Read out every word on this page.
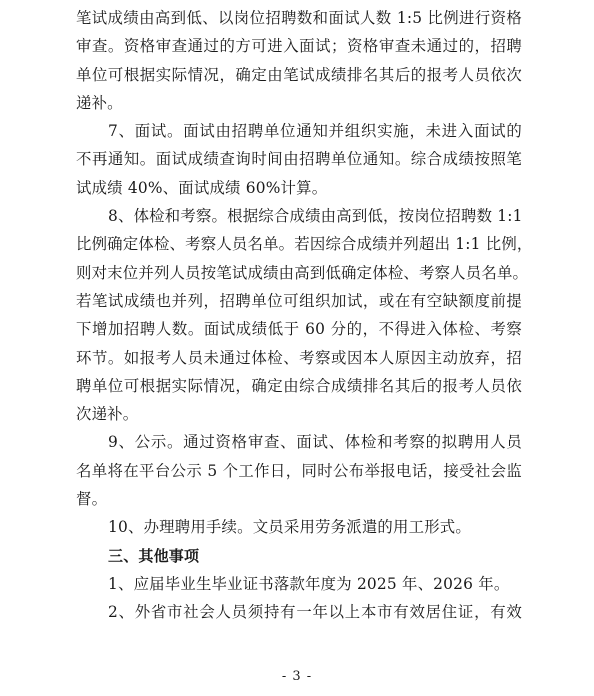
笔试成绩由高到低、以岗位招聘数和面试人数 1:5 比例进行资格
审查。资格审查通过的方可进入面试；资格审查未通过的，招聘
单位可根据实际情况，确定由笔试成绩排名其后的报考人员依次
递补。
7、面试。面试由招聘单位通知并组织实施，未进入面试的
不再通知。面试成绩查询时间由招聘单位通知。综合成绩按照笔
试成绩 40%、面试成绩 60%计算。
8、体检和考察。根据综合成绩由高到低，按岗位招聘数 1:1
比例确定体检、考察人员名单。若因综合成绩并列超出 1:1 比例，
则对末位并列人员按笔试成绩由高到低确定体检、考察人员名单。
若笔试成绩也并列，招聘单位可组织加试，或在有空缺额度前提
下增加招聘人数。面试成绩低于 60 分的，不得进入体检、考察
环节。如报考人员未通过体检、考察或因本人原因主动放弃，招
聘单位可根据实际情况，确定由综合成绩排名其后的报考人员依
次递补。
9、公示。通过资格审查、面试、体检和考察的拟聘用人员
名单将在平台公示 5 个工作日，同时公布举报电话，接受社会监
督。
10、办理聘用手续。文员采用劳务派遣的用工形式。
三、其他事项
1、应届毕业生毕业证书落款年度为 2025 年、2026 年。
2、外省市社会人员须持有一年以上本市有效居住证，有效
- 3 -
